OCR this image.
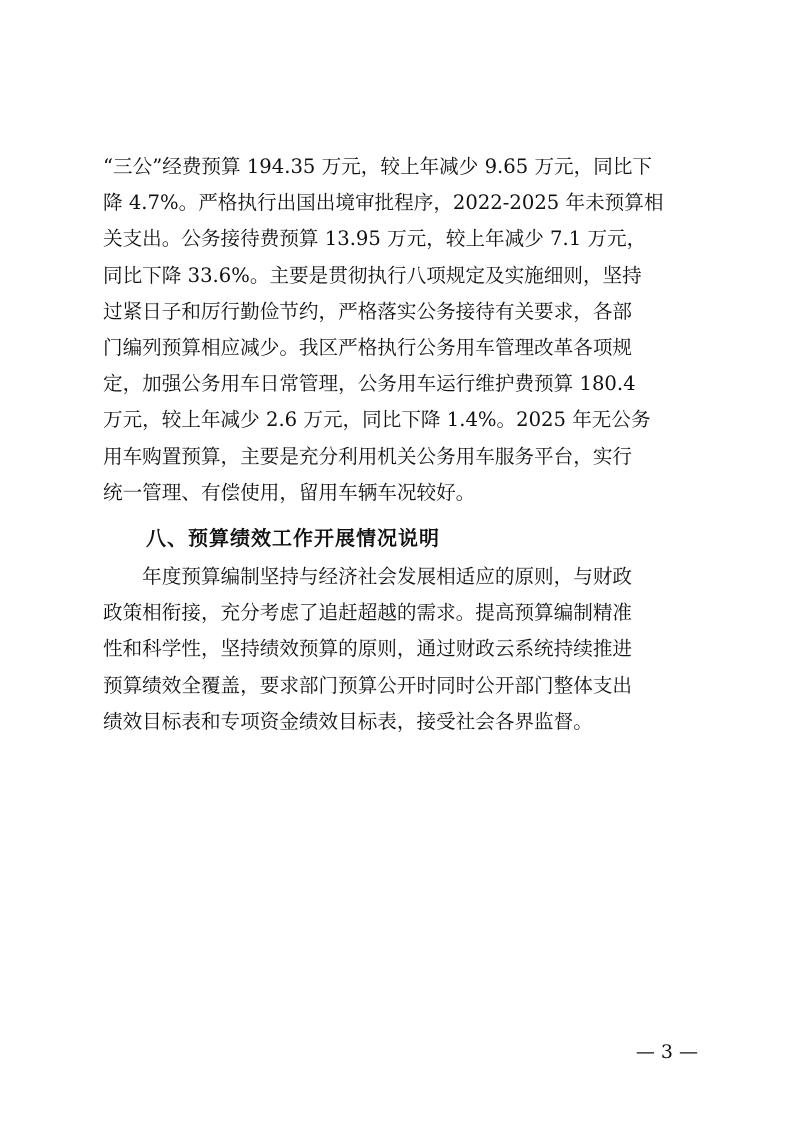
“三公”经费预算 194.35 万元，较上年减少 9.65 万元，同比下
降 4.7%。严格执行出国出境审批程序，2022-2025 年未预算相
关支出。公务接待费预算 13.95 万元，较上年减少 7.1 万元，
同比下降 33.6%。主要是贯彻执行八项规定及实施细则，坚持
过紧日子和厉行勤俭节约，严格落实公务接待有关要求，各部
门编列预算相应减少。我区严格执行公务用车管理改革各项规
定，加强公务用车日常管理，公务用车运行维护费预算 180.4
万元，较上年减少 2.6 万元，同比下降 1.4%。2025 年无公务
用车购置预算，主要是充分利用机关公务用车服务平台，实行
统一管理、有偿使用，留用车辆车况较好。
八、预算绩效工作开展情况说明
　　年度预算编制坚持与经济社会发展相适应的原则，与财政
政策相衔接，充分考虑了追赶超越的需求。提高预算编制精准
性和科学性，坚持绩效预算的原则，通过财政云系统持续推进
预算绩效全覆盖，要求部门预算公开时同时公开部门整体支出
绩效目标表和专项资金绩效目标表，接受社会各界监督。
— 3 —
